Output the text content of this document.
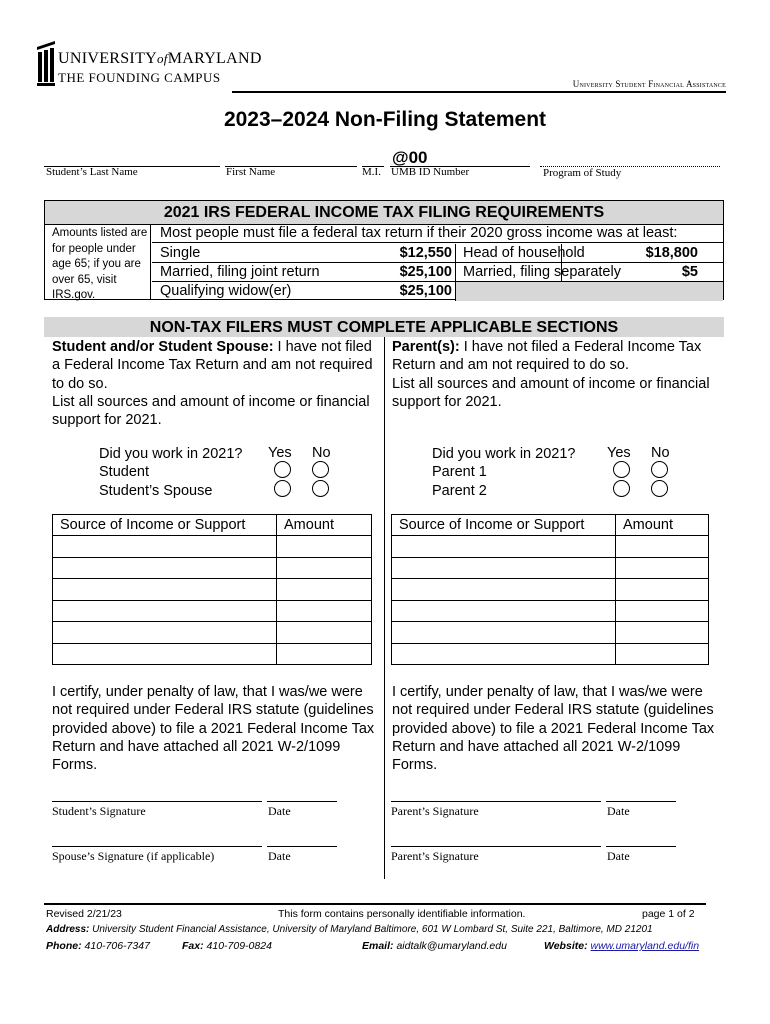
UNIVERSITYofMARYLAND
THE FOUNDING CAMPUS	University Student Financial Assistance
2023–2024 Non-Filing Statement
@00
Student’s Last Name	First Name	M.I. UMB ID Number	Program of Study
2021 IRS FEDERAL INCOME TAX FILING REQUIREMENTS
Amounts listed are for people under age 65; if you are over 65, visit IRS.gov.
Most people must file a federal tax return if their 2020 gross income was at least:
Single	$12,550 Head of household	$18,800
Married, filing joint return	$25,100 Married, filing separately	$5
Qualifying widow(er)	$25,100
NON-TAX FILERS MUST COMPLETE APPLICABLE SECTIONS
Student and/or Student Spouse: I have not filed a Federal Income Tax Return and am not required to do so.
List all sources and amount of income or financial support for 2021.
Did you work in 2021?
Student
Student’s Spouse
Yes No
Source of Income or Support	Amount

I certify, under penalty of law, that I was/we were not required under Federal IRS statute (guidelines provided above) to file a 2021 Federal Income Tax Return and have attached all 2021 W-2/1099 Forms.
Student’s Signature	Date
Spouse’s Signature (if applicable)	Date
Parent(s): I have not filed a Federal Income Tax Return and am not required to do so.
List all sources and amount of income or financial support for 2021.
Did you work in 2021?
Parent 1
Parent 2
Yes No
Source of Income or Support	Amount

I certify, under penalty of law, that I was/we were not required under Federal IRS statute (guidelines provided above) to file a 2021 Federal Income Tax Return and have attached all 2021 W-2/1099 Forms.
Parent’s Signature	Date
Parent’s Signature	Date
Revised 2/21/23	This form contains personally identifiable information.	page 1 of 2
Address: University Student Financial Assistance, University of Maryland Baltimore, 601 W Lombard St, Suite 221, Baltimore, MD 21201
Phone: 410-706-7347	Fax: 410-709-0824	Email: aidtalk@umaryland.edu	Website: www.umaryland.edu/fin
